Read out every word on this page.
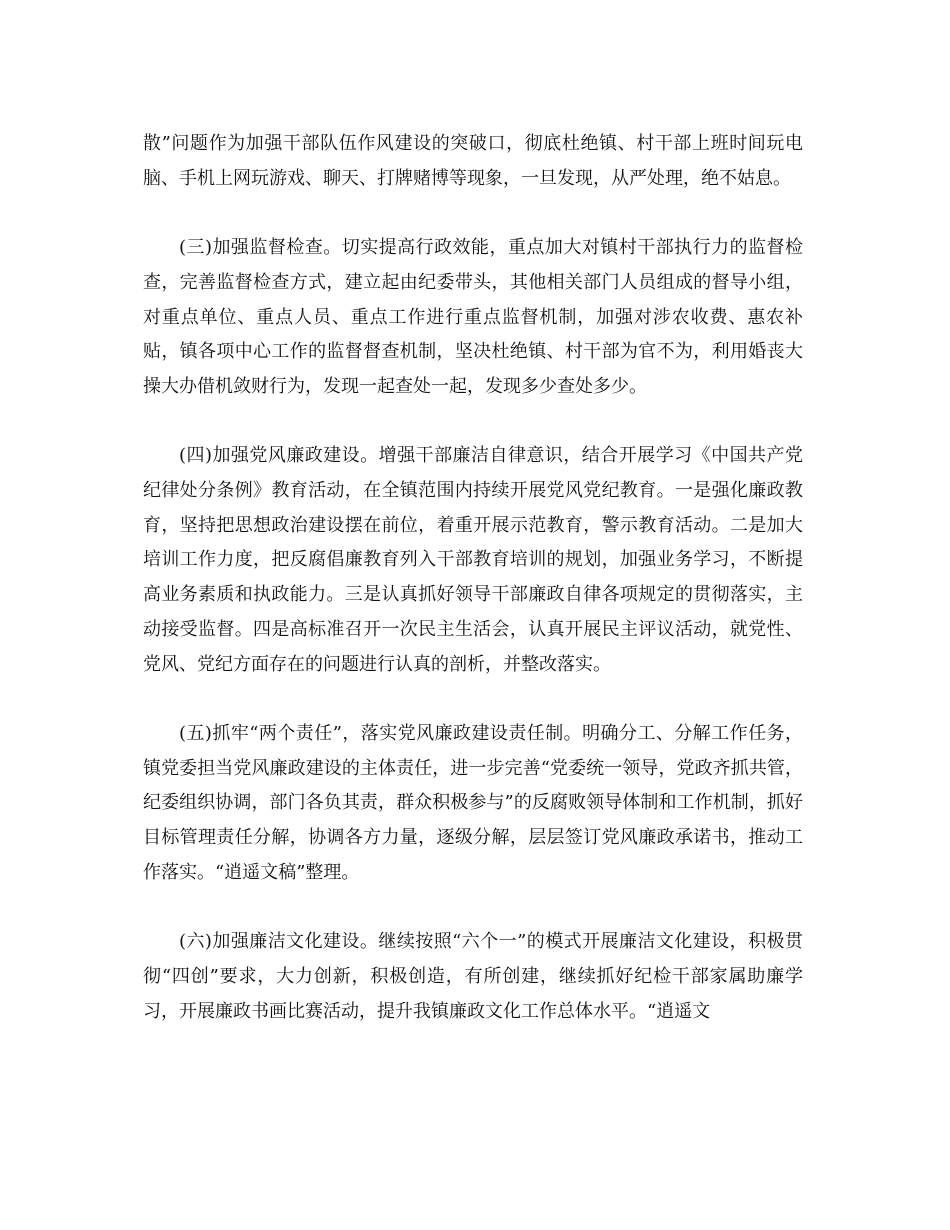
散”问题作为加强干部队伍作风建设的突破口，彻底杜绝镇、村干部上班时间玩电脑、手机上网玩游戏、聊天、打牌赌博等现象，一旦发现，从严处理，绝不姑息。

(三)加强监督检查。切实提高行政效能，重点加大对镇村干部执行力的监督检查，完善监督检查方式，建立起由纪委带头，其他相关部门人员组成的督导小组，对重点单位、重点人员、重点工作进行重点监督机制，加强对涉农收费、惠农补贴，镇各项中心工作的监督督查机制，坚决杜绝镇、村干部为官不为，利用婚丧大操大办借机敛财行为，发现一起查处一起，发现多少查处多少。

(四)加强党风廉政建设。增强干部廉洁自律意识，结合开展学习《中国共产党纪律处分条例》教育活动，在全镇范围内持续开展党风党纪教育。一是强化廉政教育，坚持把思想政治建设摆在前位，着重开展示范教育，警示教育活动。二是加大培训工作力度，把反腐倡廉教育列入干部教育培训的规划，加强业务学习，不断提高业务素质和执政能力。三是认真抓好领导干部廉政自律各项规定的贯彻落实，主动接受监督。四是高标准召开一次民主生活会，认真开展民主评议活动，就党性、党风、党纪方面存在的问题进行认真的剖析，并整改落实。

(五)抓牢“两个责任”，落实党风廉政建设责任制。明确分工、分解工作任务，镇党委担当党风廉政建设的主体责任，进一步完善“党委统一领导，党政齐抓共管，纪委组织协调，部门各负其责，群众积极参与”的反腐败领导体制和工作机制，抓好目标管理责任分解，协调各方力量，逐级分解，层层签订党风廉政承诺书，推动工作落实。“逍遥文稿”整理。

(六)加强廉洁文化建设。继续按照“六个一”的模式开展廉洁文化建设，积极贯彻“四创”要求，大力创新，积极创造，有所创建，继续抓好纪检干部家属助廉学习，开展廉政书画比赛活动，提升我镇廉政文化工作总体水平。“逍遥文
